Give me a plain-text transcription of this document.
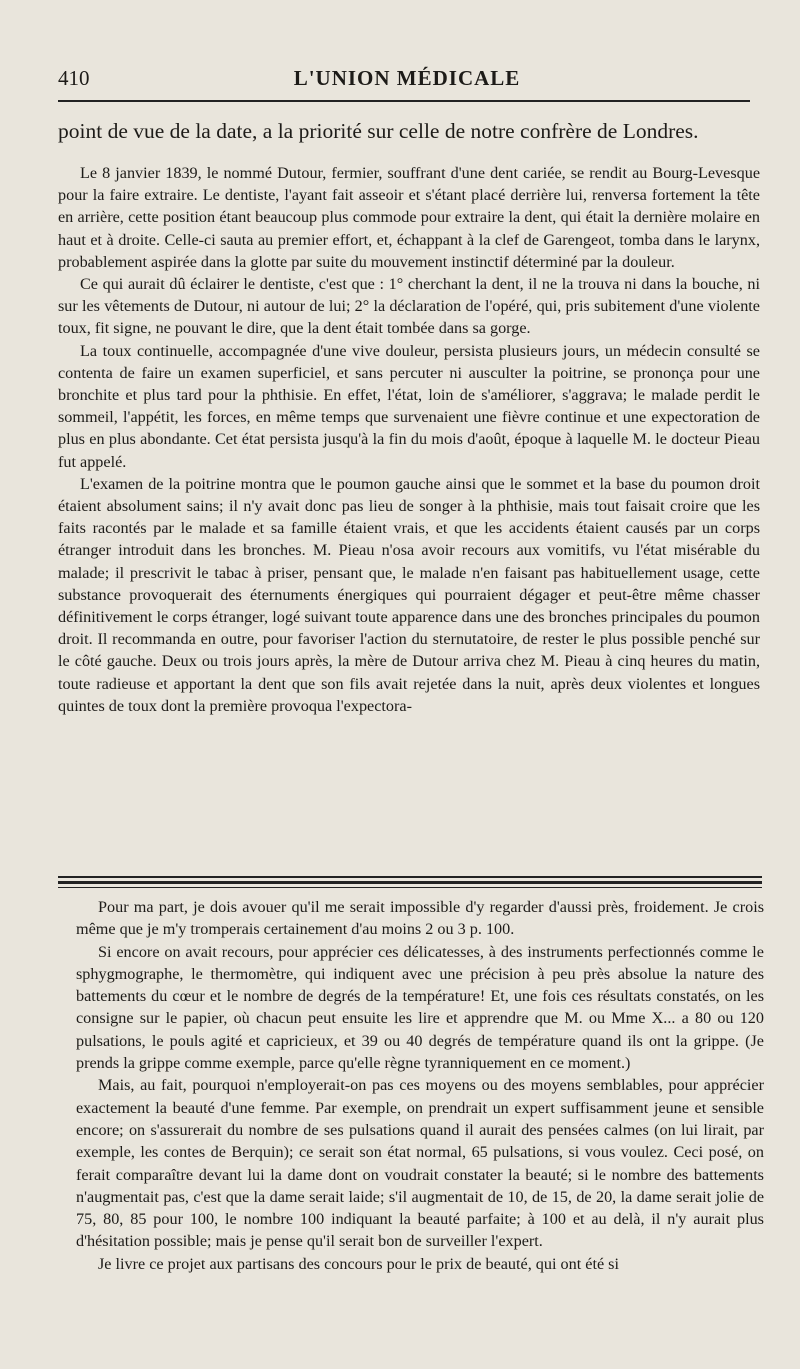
410	L'UNION MÉDICALE

point de vue de la date, a la priorité sur celle de notre confrère de Londres.

Le 8 janvier 1839, le nommé Dutour, fermier, souffrant d'une dent cariée, se rendit au Bourg-Levesque pour la faire extraire. Le dentiste, l'ayant fait asseoir et s'étant placé derrière lui, renversa fortement la tête en arrière, cette position étant beaucoup plus commode pour extraire la dent, qui était la dernière molaire en haut et à droite. Celle-ci sauta au premier effort, et, échappant à la clef de Garengeot, tomba dans le larynx, probablement aspirée dans la glotte par suite du mouvement instinctif déterminé par la douleur.

Ce qui aurait dû éclairer le dentiste, c'est que : 1° cherchant la dent, il ne la trouva ni dans la bouche, ni sur les vêtements de Dutour, ni autour de lui; 2° la déclaration de l'opéré, qui, pris subitement d'une violente toux, fit signe, ne pouvant le dire, que la dent était tombée dans sa gorge.

La toux continuelle, accompagnée d'une vive douleur, persista plusieurs jours, un médecin consulté se contenta de faire un examen superficiel, et sans percuter ni ausculter la poitrine, se prononça pour une bronchite et plus tard pour la phthisie. En effet, l'état, loin de s'améliorer, s'aggrava; le malade perdit le sommeil, l'appétit, les forces, en même temps que survenaient une fièvre continue et une expectoration de plus en plus abondante. Cet état persista jusqu'à la fin du mois d'août, époque à laquelle M. le docteur Pieau fut appelé.

L'examen de la poitrine montra que le poumon gauche ainsi que le sommet et la base du poumon droit étaient absolument sains; il n'y avait donc pas lieu de songer à la phthisie, mais tout faisait croire que les faits racontés par le malade et sa famille étaient vrais, et que les accidents étaient causés par un corps étranger introduit dans les bronches. M. Pieau n'osa avoir recours aux vomitifs, vu l'état misérable du malade; il prescrivit le tabac à priser, pensant que, le malade n'en faisant pas habituellement usage, cette substance provoquerait des éternuments énergiques qui pourraient dégager et peut-être même chasser définitivement le corps étranger, logé suivant toute apparence dans une des bronches principales du poumon droit. Il recommanda en outre, pour favoriser l'action du sternutatoire, de rester le plus possible penché sur le côté gauche. Deux ou trois jours après, la mère de Dutour arriva chez M. Pieau à cinq heures du matin, toute radieuse et apportant la dent que son fils avait rejetée dans la nuit, après deux violentes et longues quintes de toux dont la première provoqua l'expectora-

Pour ma part, je dois avouer qu'il me serait impossible d'y regarder d'aussi près, froidement. Je crois même que je m'y tromperais certainement d'au moins 2 ou 3 p. 100.

Si encore on avait recours, pour apprécier ces délicatesses, à des instruments perfectionnés comme le sphygmographe, le thermomètre, qui indiquent avec une précision à peu près absolue la nature des battements du cœur et le nombre de degrés de la température! Et, une fois ces résultats constatés, on les consigne sur le papier, où chacun peut ensuite les lire et apprendre que M. ou Mme X... a 80 ou 120 pulsations, le pouls agité et capricieux, et 39 ou 40 degrés de température quand ils ont la grippe. (Je prends la grippe comme exemple, parce qu'elle règne tyranniquement en ce moment.)

Mais, au fait, pourquoi n'employerait-on pas ces moyens ou des moyens semblables, pour apprécier exactement la beauté d'une femme. Par exemple, on prendrait un expert suffisamment jeune et sensible encore; on s'assurerait du nombre de ses pulsations quand il aurait des pensées calmes (on lui lirait, par exemple, les contes de Berquin); ce serait son état normal, 65 pulsations, si vous voulez. Ceci posé, on ferait comparaître devant lui la dame dont on voudrait constater la beauté; si le nombre des battements n'augmentait pas, c'est que la dame serait laide; s'il augmentait de 10, de 15, de 20, la dame serait jolie de 75, 80, 85 pour 100, le nombre 100 indiquant la beauté parfaite; à 100 et au delà, il n'y aurait plus d'hésitation possible; mais je pense qu'il serait bon de surveiller l'expert.

Je livre ce projet aux partisans des concours pour le prix de beauté, qui ont été si
